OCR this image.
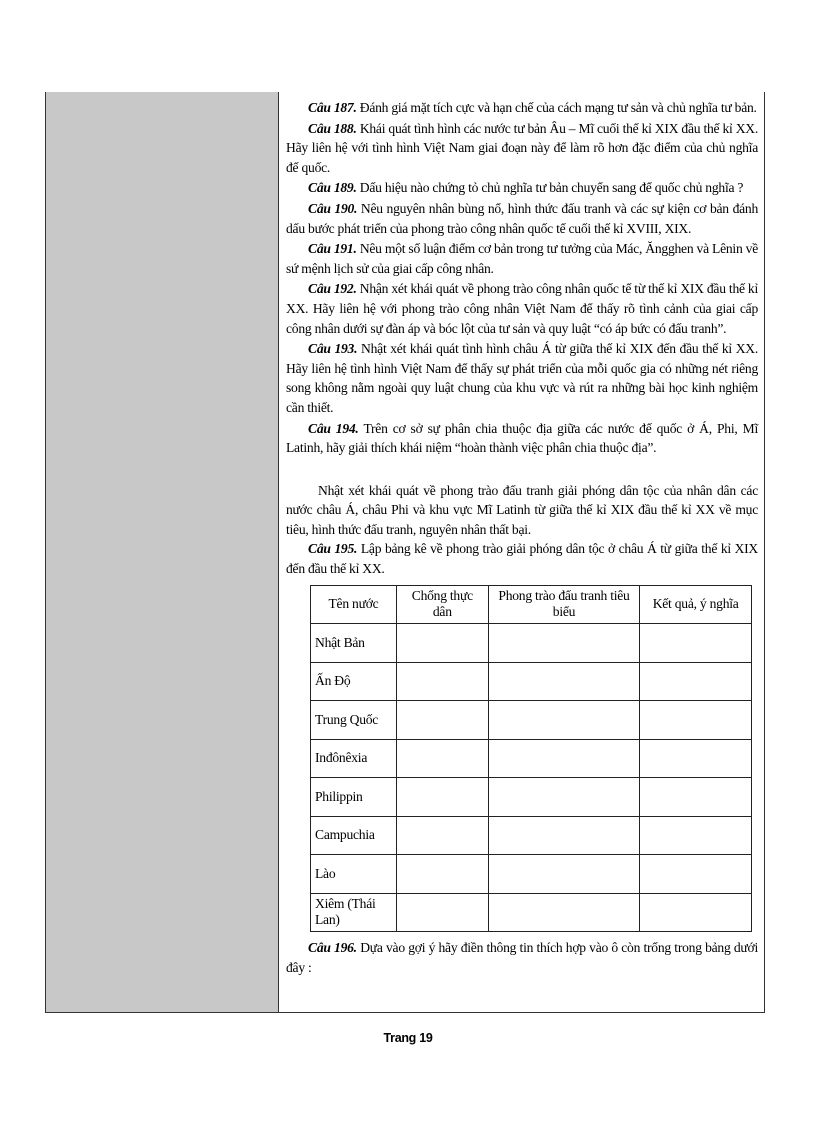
Câu 187. Đánh giá mặt tích cực và hạn chế của cách mạng tư sản và chủ nghĩa tư bản.

Câu 188. Khái quát tình hình các nước tư bản Âu – Mĩ cuối thế kỉ XIX đầu thế kỉ XX. Hãy liên hệ với tình hình Việt Nam giai đoạn này để làm rõ hơn đặc điểm của chủ nghĩa đế quốc.

Câu 189. Dấu hiệu nào chứng tỏ chủ nghĩa tư bản chuyển sang để quốc chủ nghĩa ?

Câu 190. Nêu nguyên nhân bùng nổ, hình thức đấu tranh và các sự kiện cơ bản đánh dấu bước phát triển của phong trào công nhân quốc tế cuối thế kỉ XVIII, XIX.

Câu 191. Nêu một số luận điểm cơ bản trong tư tưởng của Mác, Ăngghen và Lênin về sứ mệnh lịch sử của giai cấp công nhân.

Câu 192. Nhận xét khái quát về phong trào công nhân quốc tế từ thế kỉ XIX đầu thế kỉ XX. Hãy liên hệ với phong trào công nhân Việt Nam để thấy rõ tình cảnh của giai cấp công nhân dưới sự đàn áp và bóc lột của tư sản và quy luật “có áp bức có đấu tranh”.

Câu 193. Nhật xét khái quát tình hình châu Á từ giữa thế kỉ XIX đến đầu thế kỉ XX. Hãy liên hệ tình hình Việt Nam để thấy sự phát triển của mỗi quốc gia có những nét riêng song không nằm ngoài quy luật chung của khu vực và rút ra những bài học kinh nghiệm cần thiết.

Câu 194. Trên cơ sở sự phân chia thuộc địa giữa các nước đế quốc ở Á, Phi, Mĩ Latinh, hãy giải thích khái niệm “hoàn thành việc phân chia thuộc địa”.

Nhật xét khái quát về phong trào đấu tranh giải phóng dân tộc của nhân dân các nước châu Á, châu Phi và khu vực Mĩ Latinh từ giữa thế kỉ XIX đầu thế kỉ XX về mục tiêu, hình thức đấu tranh, nguyên nhân thất bại.

Câu 195. Lập bảng kê về phong trào giải phóng dân tộc ở châu Á từ giữa thế kỉ XIX đến đầu thế kỉ XX.

Tên nước	Chống thực dân	Phong trào đấu tranh tiêu biểu	Kết quả, ý nghĩa
Nhật Bản			
Ấn Độ			
Trung Quốc			
Inđônêxia			
Philippin			
Campuchia			
Lào			
Xiêm (Thái Lan)			

Câu 196. Dựa vào gợi ý hãy điền thông tin thích hợp vào ô còn trống trong bảng dưới đây :

Trang 19
